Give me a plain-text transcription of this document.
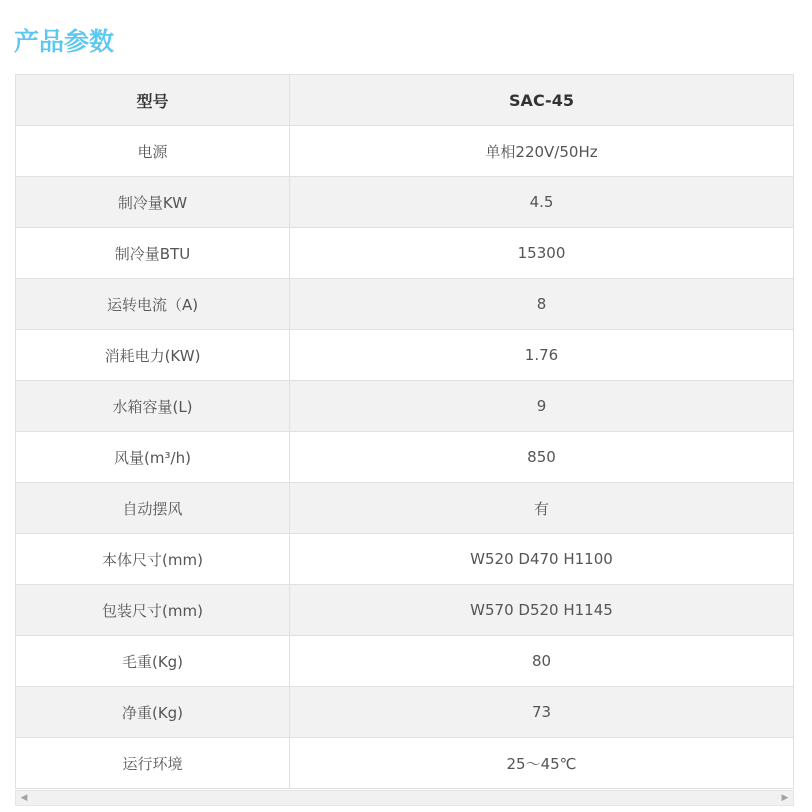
产品参数
型号	SAC-45
电源	单相220V/50Hz
制冷量KW	4.5
制冷量BTU	15300
运转电流（A)	8
消耗电力(KW)	1.76
水箱容量(L)	9
风量(m³/h)	850
自动摆风	有
本体尺寸(mm)	W520 D470 H1100
包装尺寸(mm)	W570 D520 H1145
毛重(Kg)	80
净重(Kg)	73
运行环境	25～45℃
◀	▶
